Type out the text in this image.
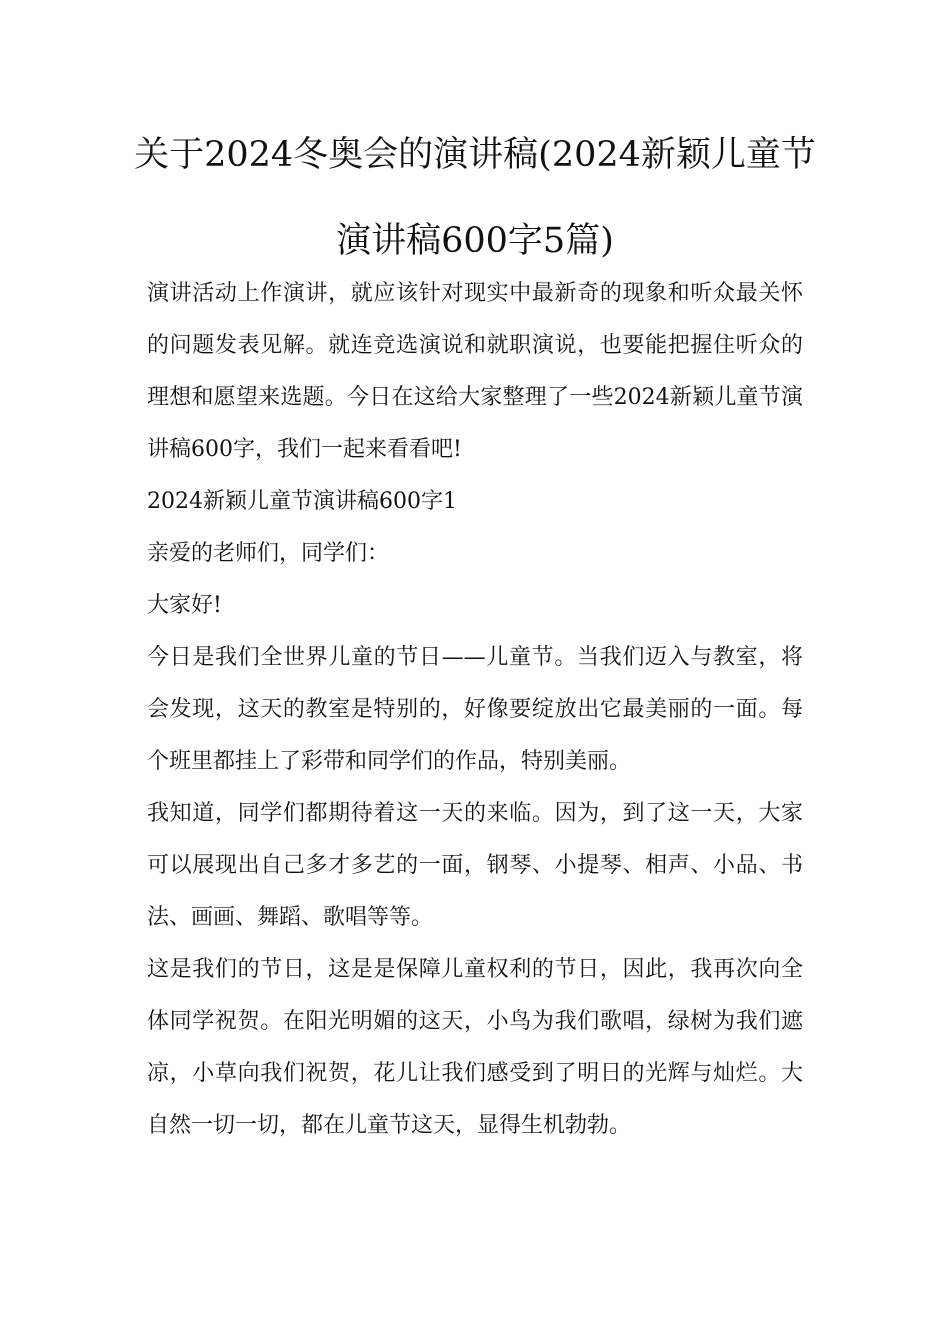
关于2024冬奥会的演讲稿(2024新颖儿童节演讲稿600字5篇)

演讲活动上作演讲，就应该针对现实中最新奇的现象和听众最关怀的问题发表见解。就连竞选演说和就职演说，也要能把握住听众的理想和愿望来选题。今日在这给大家整理了一些2024新颖儿童节演讲稿600字，我们一起来看看吧!

2024新颖儿童节演讲稿600字1

亲爱的老师们，同学们：

大家好!

今日是我们全世界儿童的节日——儿童节。当我们迈入与教室，将会发现，这天的教室是特别的，好像要绽放出它最美丽的一面。每个班里都挂上了彩带和同学们的作品，特别美丽。

我知道，同学们都期待着这一天的来临。因为，到了这一天，大家可以展现出自己多才多艺的一面，钢琴、小提琴、相声、小品、书法、画画、舞蹈、歌唱等等。

这是我们的节日，这是是保障儿童权利的节日，因此，我再次向全体同学祝贺。在阳光明媚的这天，小鸟为我们歌唱，绿树为我们遮凉，小草向我们祝贺，花儿让我们感受到了明日的光辉与灿烂。大自然一切一切，都在儿童节这天，显得生机勃勃。
